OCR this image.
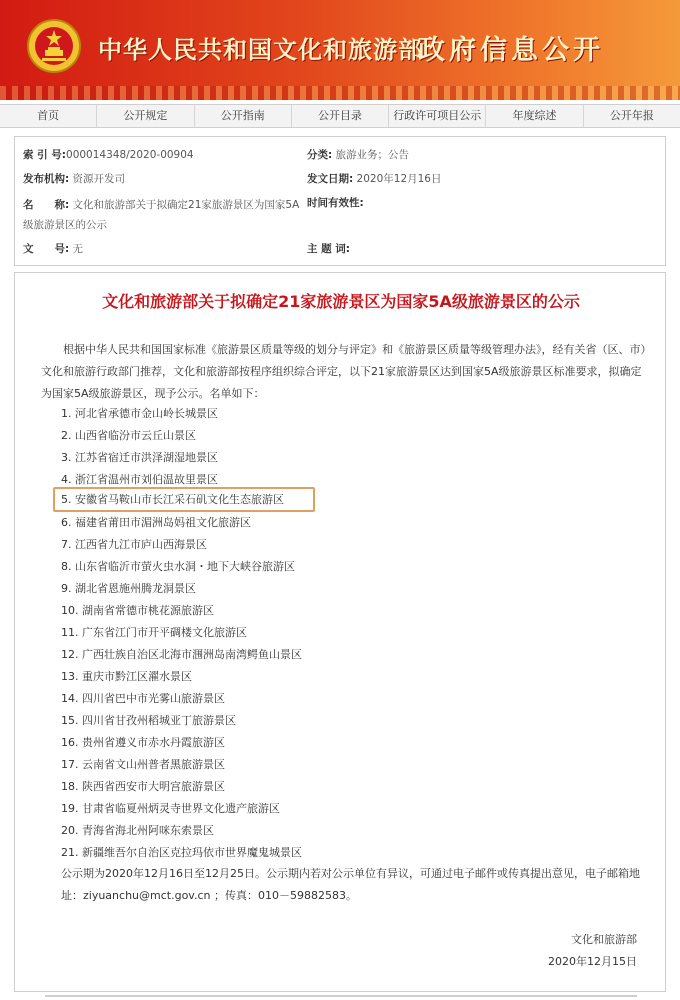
中华人民共和国文化和旅游部
政府信息公开
首页	公开规定	公开指南	公开目录	行政许可项目公示	年度综述	公开年报
索 引 号:000014348/2020-00904	分类: 旅游业务；公告
发布机构: 资源开发司	发文日期: 2020年12月16日
名　　称: 文化和旅游部关于拟确定21家旅游景区为国家5A级旅游景区的公示
时间有效性:
文　　号: 无	主 题 词:
文化和旅游部关于拟确定21家旅游景区为国家5A级旅游景区的公示
根据中华人民共和国国家标准《旅游景区质量等级的划分与评定》和《旅游景区质量等级管理办法》，经有关省（区、市）文化和旅游行政部门推荐，文化和旅游部按程序组织综合评定，以下21家旅游景区达到国家5A级旅游景区标准要求，拟确定为国家5A级旅游景区，现予公示。名单如下：
1. 河北省承德市金山岭长城景区
2. 山西省临汾市云丘山景区
3. 江苏省宿迁市洪泽湖湿地景区
4. 浙江省温州市刘伯温故里景区
5. 安徽省马鞍山市长江采石矶文化生态旅游区
6. 福建省莆田市湄洲岛妈祖文化旅游区
7. 江西省九江市庐山西海景区
8. 山东省临沂市萤火虫水洞・地下大峡谷旅游区
9. 湖北省恩施州腾龙洞景区
10. 湖南省常德市桃花源旅游区
11. 广东省江门市开平碉楼文化旅游区
12. 广西壮族自治区北海市涠洲岛南湾鳄鱼山景区
13. 重庆市黔江区濯水景区
14. 四川省巴中市光雾山旅游景区
15. 四川省甘孜州稻城亚丁旅游景区
16. 贵州省遵义市赤水丹霞旅游区
17. 云南省文山州普者黑旅游景区
18. 陕西省西安市大明宫旅游景区
19. 甘肃省临夏州炳灵寺世界文化遗产旅游区
20. 青海省海北州阿咪东索景区
21. 新疆维吾尔自治区克拉玛依市世界魔鬼城景区
公示期为2020年12月16日至12月25日。公示期内若对公示单位有异议，可通过电子邮件或传真提出意见，电子邮箱地址：ziyuanchu@mct.gov.cn ；传真：010－59882583。
文化和旅游部
2020年12月15日
